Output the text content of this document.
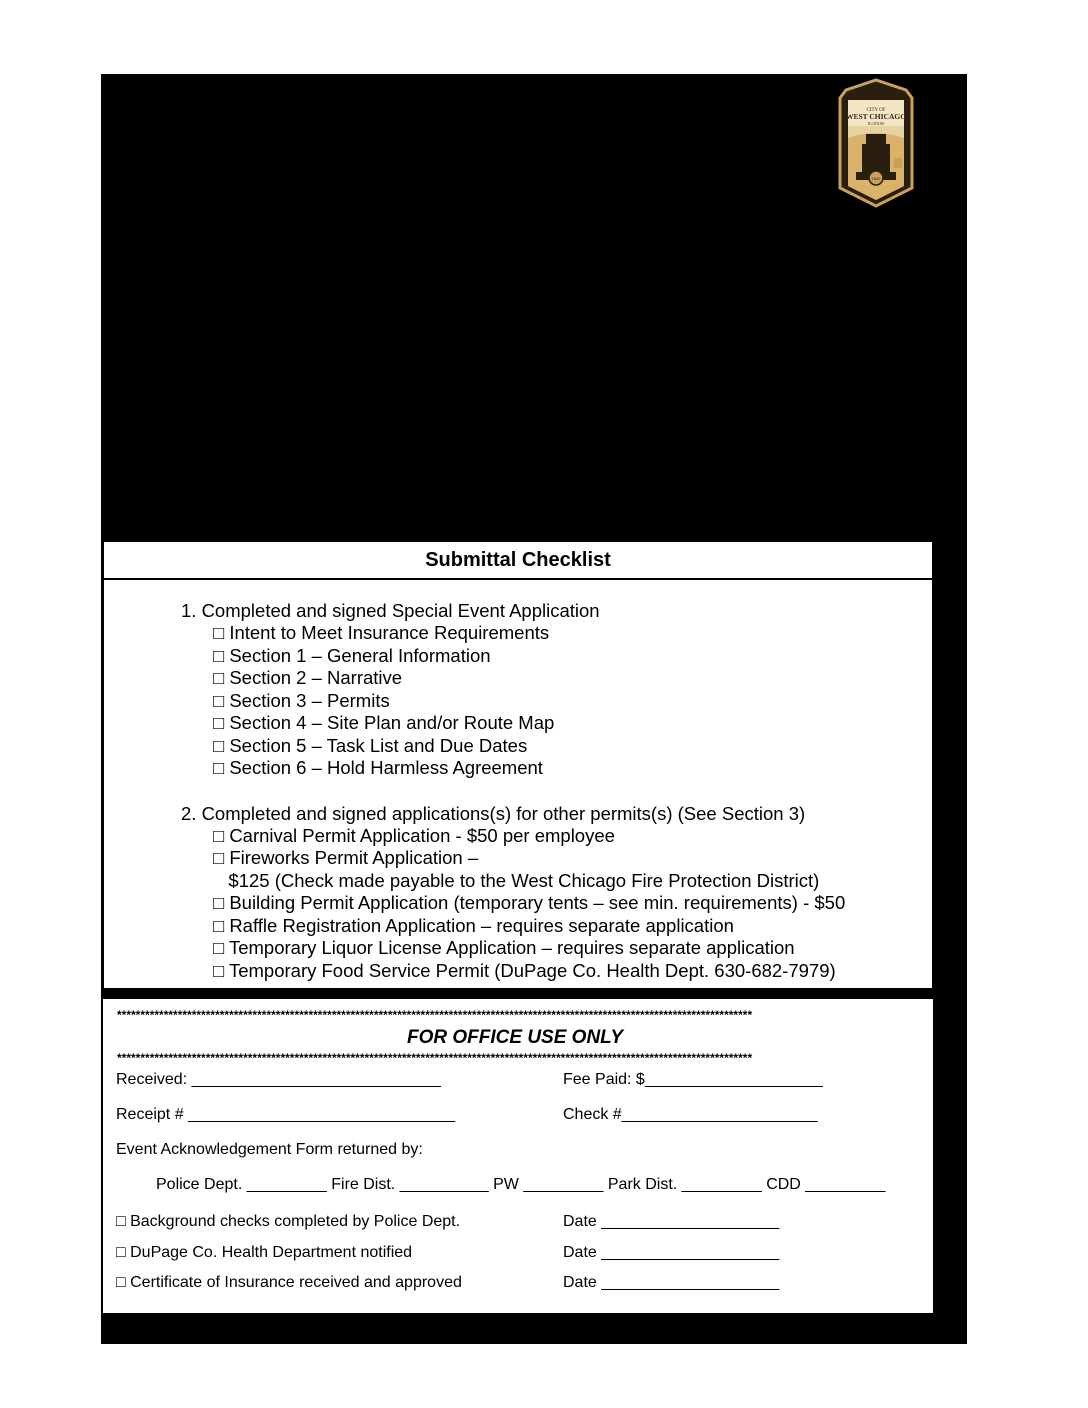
CITY OF
WEST CHICAGO
ILLINOIS
1849
Submittal Checklist
1. Completed and signed Special Event Application
□ Intent to Meet Insurance Requirements
□ Section 1 – General Information
□ Section 2 – Narrative
□ Section 3 – Permits
□ Section 4 – Site Plan and/or Route Map
□ Section 5 – Task List and Due Dates
□ Section 6 – Hold Harmless Agreement
2. Completed and signed applications(s) for other permits(s) (See Section 3)
□ Carnival Permit Application - $50 per employee
□ Fireworks Permit Application –
$125 (Check made payable to the West Chicago Fire Protection District)
□ Building Permit Application (temporary tents – see min. requirements) - $50
□ Raffle Registration Application – requires separate application
□ Temporary Liquor License Application – requires separate application
□ Temporary Food Service Permit (DuPage Co. Health Dept. 630-682-7979)
****************************************************************************************************************************************
FOR OFFICE USE ONLY
****************************************************************************************************************************************
Received: ____________________________	Fee Paid: $____________________
Receipt # ______________________________	Check #______________________
Event Acknowledgement Form returned by:
Police Dept. _________ Fire Dist. __________ PW _________ Park Dist. _________ CDD _________
□ Background checks completed by Police Dept.	Date ____________________
□ DuPage Co. Health Department notified	Date ____________________
□ Certificate of Insurance received and approved	Date ____________________
